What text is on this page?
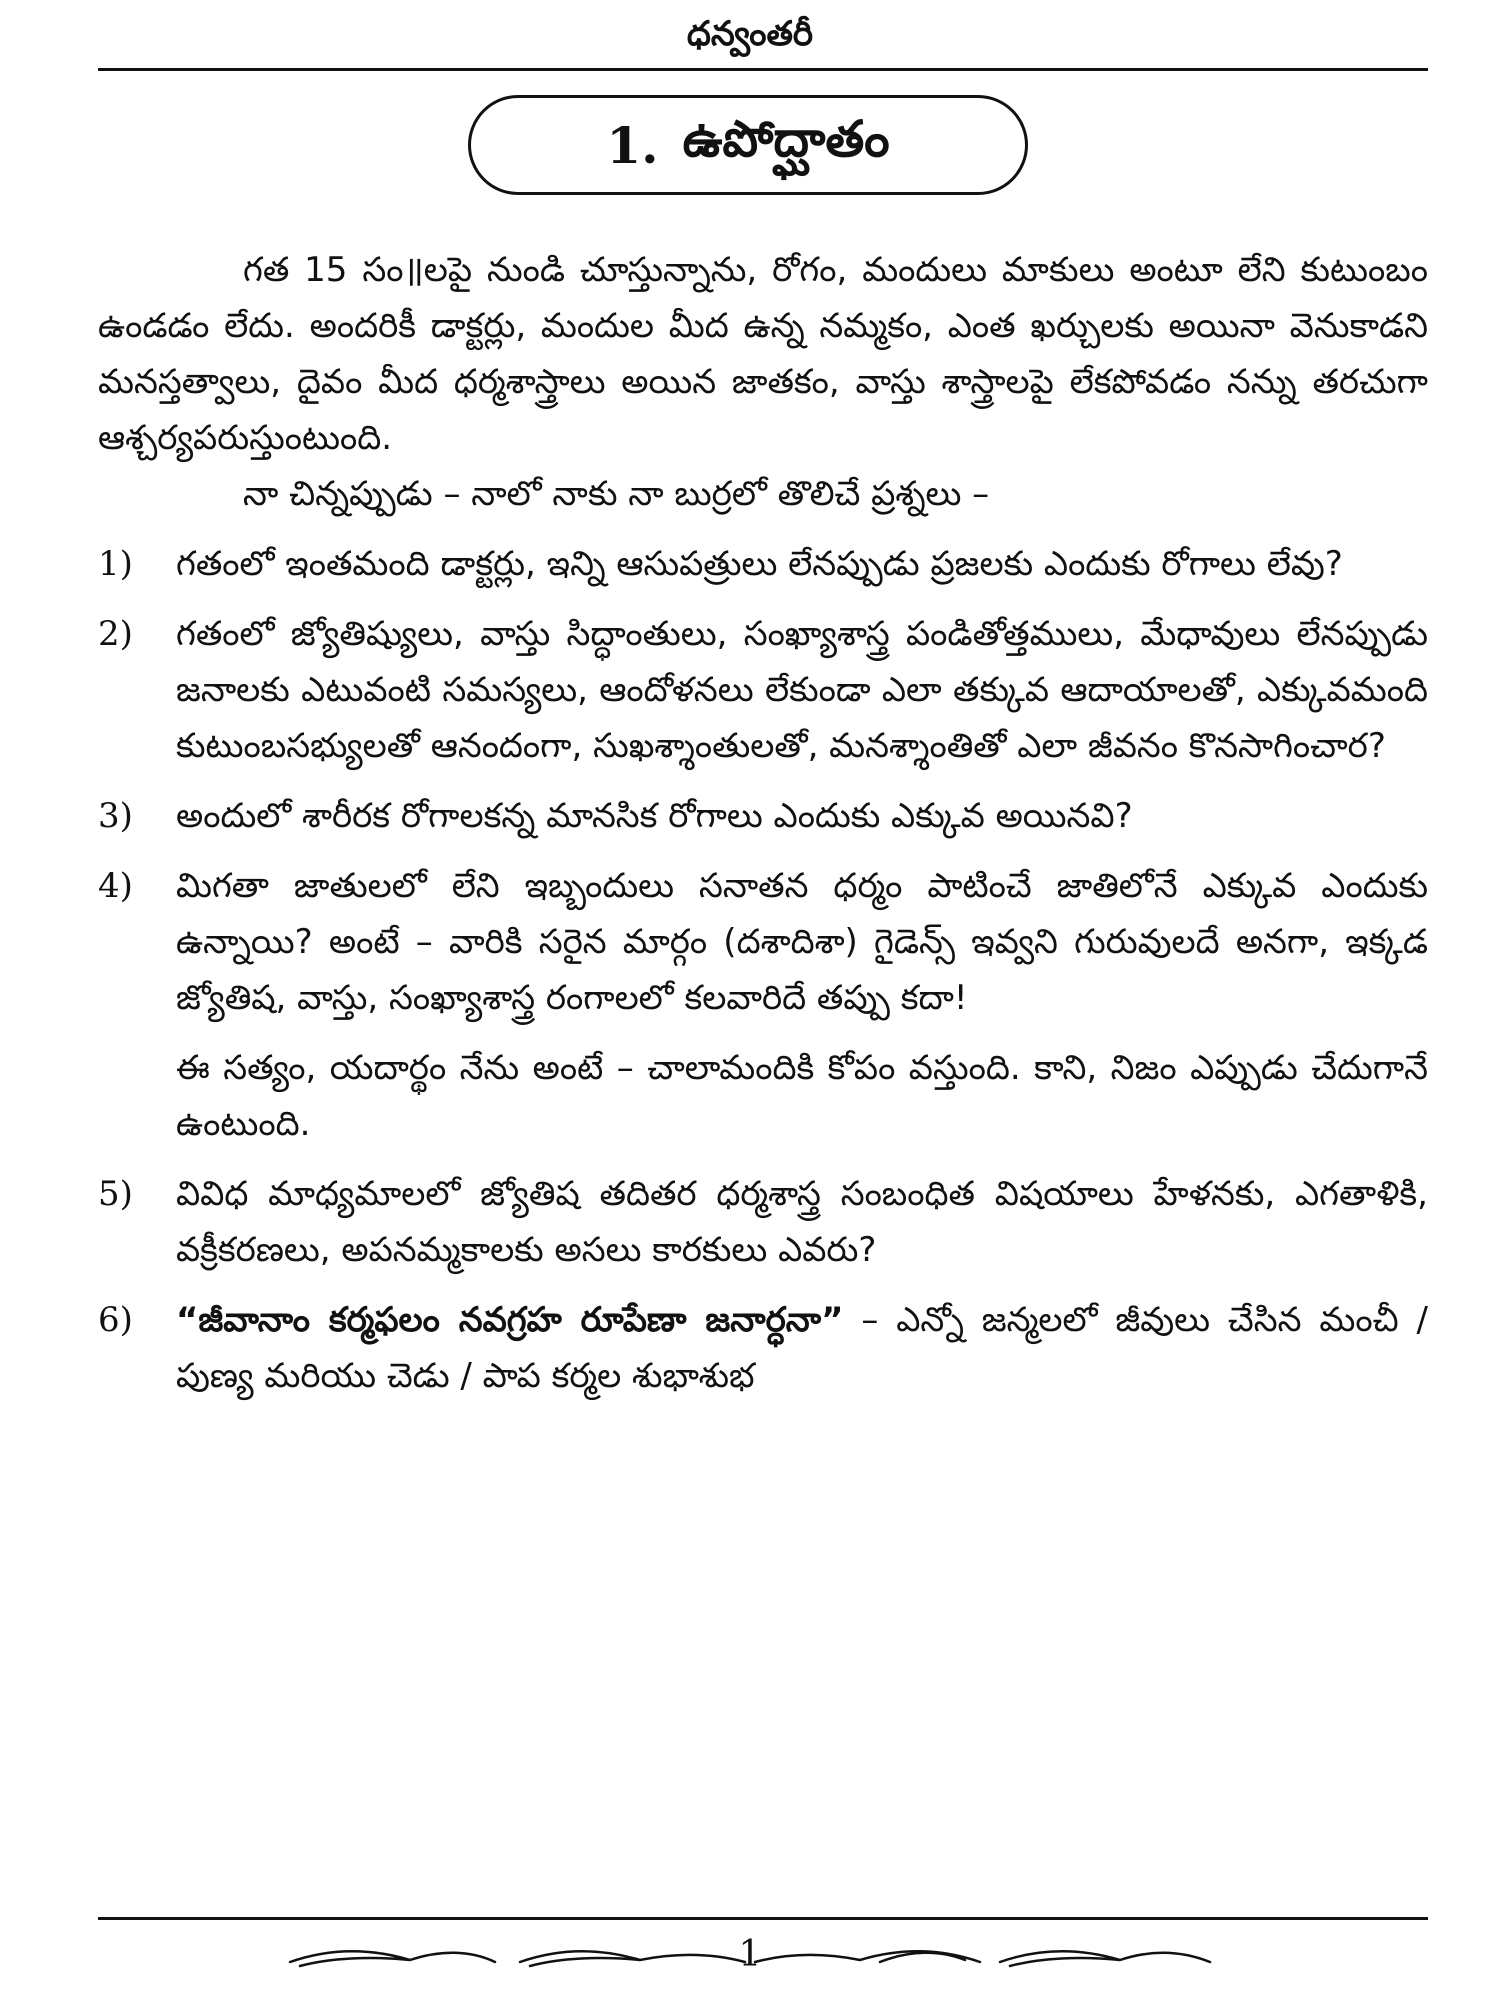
ధన్వంతరీ
1. ఉపోద్ఘాతం

గత 15 సం॥లపై నుండి చూస్తున్నాను, రోగం, మందులు మాకులు అంటూ లేని కుటుంబం ఉండడం లేదు. అందరికీ డాక్టర్లు, మందుల మీద ఉన్న నమ్మకం, ఎంత ఖర్చులకు అయినా వెనుకాడని మనస్తత్వాలు, దైవం మీద ధర్మశాస్త్రాలు అయిన జాతకం, వాస్తు శాస్త్రాలపై లేకపోవడం నన్ను తరచుగా ఆశ్చర్యపరుస్తుంటుంది.

నా చిన్నప్పుడు – నాలో నాకు నా బుర్రలో తొలిచే ప్రశ్నలు –

1)	గతంలో ఇంతమంది డాక్టర్లు, ఇన్ని ఆసుపత్రులు లేనప్పుడు ప్రజలకు ఎందుకు రోగాలు లేవు?
2)	గతంలో జ్యోతిష్యులు, వాస్తు సిద్ధాంతులు, సంఖ్యాశాస్త్ర పండితోత్తములు, మేధావులు లేనప్పుడు జనాలకు ఎటువంటి సమస్యలు, ఆందోళనలు లేకుండా ఎలా తక్కువ ఆదాయాలతో, ఎక్కువమంది కుటుంబసభ్యులతో ఆనందంగా, సుఖశ్శాంతులతో, మనశ్శాంతితో ఎలా జీవనం కొనసాగించార?
3)	అందులో శారీరక రోగాలకన్న మానసిక రోగాలు ఎందుకు ఎక్కువ అయినవి?
4)	మిగతా జాతులలో లేని ఇబ్బందులు సనాతన ధర్మం పాటించే జాతిలోనే ఎక్కువ ఎందుకు ఉన్నాయి? అంటే – వారికి సరైన మార్గం (దశాదిశా) గైడెన్స్ ఇవ్వని గురువులదే అనగా, ఇక్కడ జ్యోతిష, వాస్తు, సంఖ్యాశాస్త్ర రంగాలలో కలవారిదే తప్పు కదా!

ఈ సత్యం, యదార్థం నేను అంటే – చాలామందికి కోపం వస్తుంది. కాని, నిజం ఎప్పుడు చేదుగానే ఉంటుంది.

5)	వివిధ మాధ్యమాలలో జ్యోతిష తదితర ధర్మశాస్త్ర సంబంధిత విషయాలు హేళనకు, ఎగతాళికి, వక్రీకరణలు, అపనమ్మకాలకు అసలు కారకులు ఎవరు?
6)	“జీవానాం కర్మఫలం నవగ్రహ రూపేణా జనార్ధనా” – ఎన్నో జన్మలలో జీవులు చేసిన మంచీ / పుణ్య మరియు చెడు / పాప కర్మల శుభాశుభ
1
